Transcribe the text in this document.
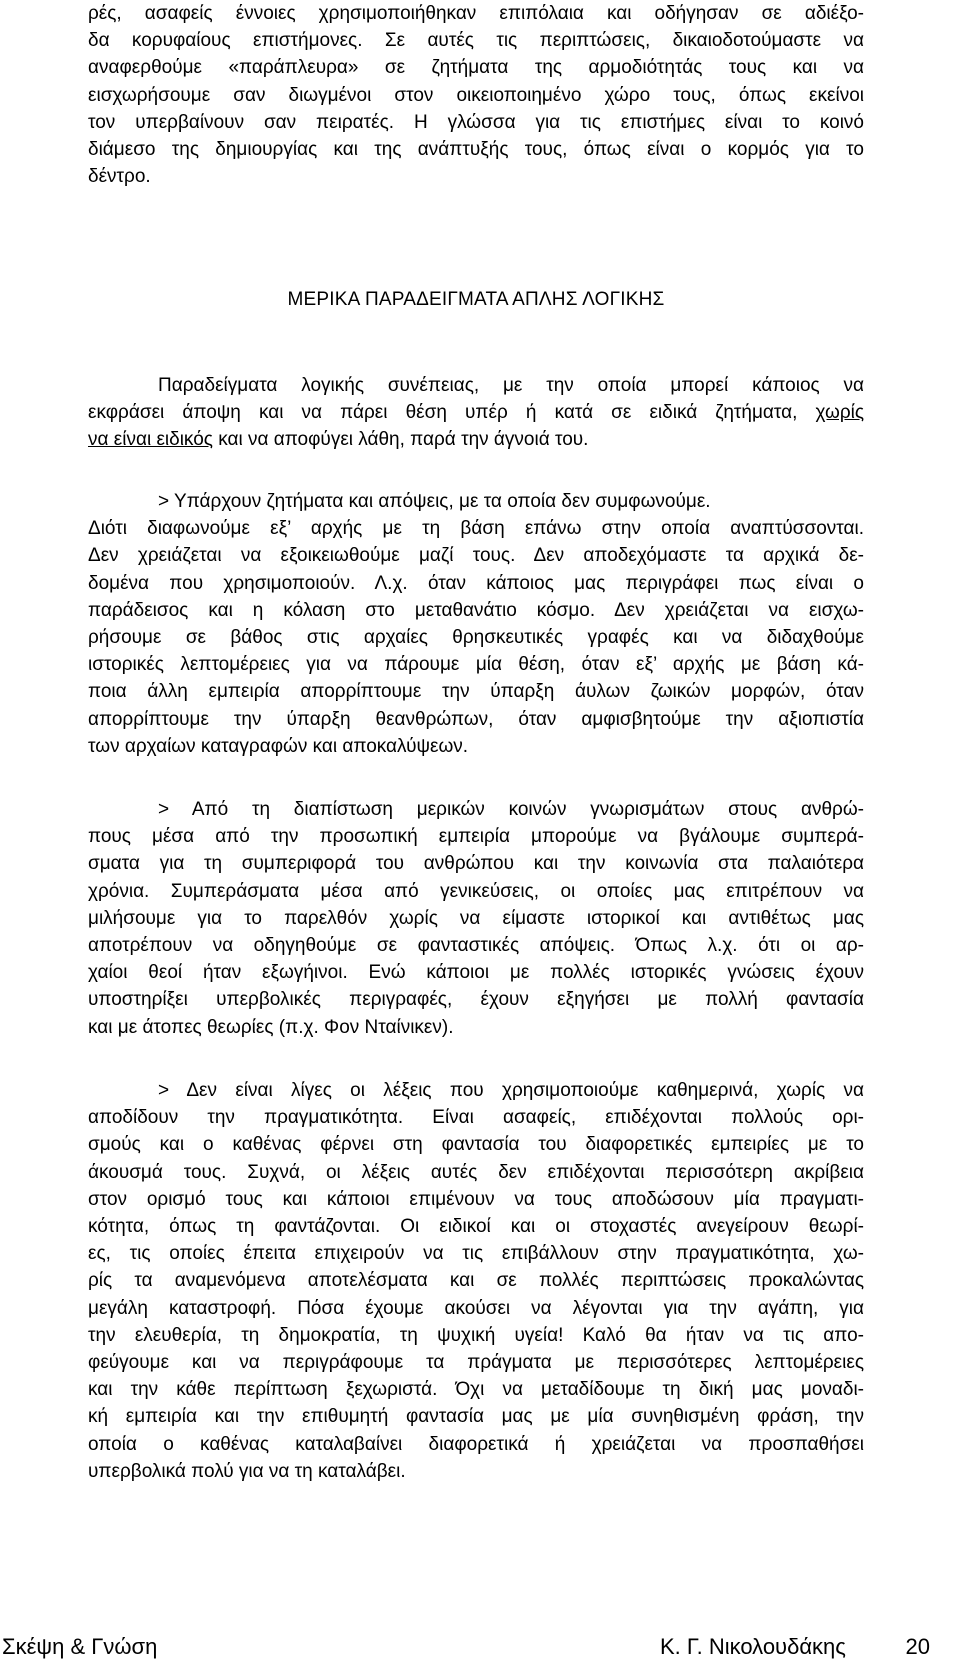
ρές, ασαφείς έννοιες χρησιμοποιήθηκαν επιπόλαια και οδήγησαν σε αδιέξο-
δα κορυφαίους επιστήμονες. Σε αυτές τις περιπτώσεις, δικαιοδοτούμαστε να
αναφερθούμε «παράπλευρα» σε ζητήματα της αρμοδιότητάς τους και να
εισχωρήσουμε σαν διωγμένοι στον οικειοποιημένο χώρο τους, όπως εκείνοι
τον υπερβαίνουν σαν πειρατές. Η γλώσσα για τις επιστήμες είναι το κοινό
διάμεσο της δημιουργίας και της ανάπτυξής τους, όπως είναι ο κορμός για το
δέντρο.
ΜΕΡΙΚΑ ΠΑΡΑΔΕΙΓΜΑΤΑ ΑΠΛΗΣ ΛΟΓΙΚΗΣ
Παραδείγματα λογικής συνέπειας, με την οποία μπορεί κάποιος να
εκφράσει άποψη και να πάρει θέση υπέρ ή κατά σε ειδικά ζητήματα, χωρίς
να είναι ειδικός και να αποφύγει λάθη, παρά την άγνοιά του.
> Υπάρχουν ζητήματα και απόψεις, με τα οποία δεν συμφωνούμε.
Διότι διαφωνούμε εξ’ αρχής με τη βάση επάνω στην οποία αναπτύσσονται.
Δεν χρειάζεται να εξοικειωθούμε μαζί τους. Δεν αποδεχόμαστε τα αρχικά δε-
δομένα που χρησιμοποιούν. Λ.χ. όταν κάποιος μας περιγράφει πως είναι ο
παράδεισος και η κόλαση στο μεταθανάτιο κόσμο. Δεν χρειάζεται να εισχω-
ρήσουμε σε βάθος στις αρχαίες θρησκευτικές γραφές και να διδαχθούμε
ιστορικές λεπτομέρειες για να πάρουμε μία θέση, όταν εξ’ αρχής με βάση κά-
ποια άλλη εμπειρία απορρίπτουμε την ύπαρξη άυλων ζωικών μορφών, όταν
απορρίπτουμε την ύπαρξη θεανθρώπων, όταν αμφισβητούμε την αξιοπιστία
των αρχαίων καταγραφών και αποκαλύψεων.
> Από τη διαπίστωση μερικών κοινών γνωρισμάτων στους ανθρώ-
πους μέσα από την προσωπική εμπειρία μπορούμε να βγάλουμε συμπερά-
σματα για τη συμπεριφορά του ανθρώπου και την κοινωνία στα παλαιότερα
χρόνια. Συμπεράσματα μέσα από γενικεύσεις, οι οποίες μας επιτρέπουν να
μιλήσουμε για το παρελθόν χωρίς να είμαστε ιστορικοί και αντιθέτως μας
αποτρέπουν να οδηγηθούμε σε φανταστικές απόψεις. Όπως λ.χ. ότι οι αρ-
χαίοι θεοί ήταν εξωγήινοι. Ενώ κάποιοι με πολλές ιστορικές γνώσεις έχουν
υποστηρίξει υπερβολικές περιγραφές, έχουν εξηγήσει με πολλή φαντασία
και με άτοπες θεωρίες (π.χ. Φον Νταίνικεν).
> Δεν είναι λίγες οι λέξεις που χρησιμοποιούμε καθημερινά, χωρίς να
αποδίδουν την πραγματικότητα. Είναι ασαφείς, επιδέχονται πολλούς ορι-
σμούς και ο καθένας φέρνει στη φαντασία του διαφορετικές εμπειρίες με το
άκουσμά τους. Συχνά, οι λέξεις αυτές δεν επιδέχονται περισσότερη ακρίβεια
στον ορισμό τους και κάποιοι επιμένουν να τους αποδώσουν μία πραγματι-
κότητα, όπως τη φαντάζονται. Οι ειδικοί και οι στοχαστές ανεγείρουν θεωρί-
ες, τις οποίες έπειτα επιχειρούν να τις επιβάλλουν στην πραγματικότητα, χω-
ρίς τα αναμενόμενα αποτελέσματα και σε πολλές περιπτώσεις προκαλώντας
μεγάλη καταστροφή. Πόσα έχουμε ακούσει να λέγονται για την αγάπη, για
την ελευθερία, τη δημοκρατία, τη ψυχική υγεία! Καλό θα ήταν να τις απο-
φεύγουμε και να περιγράφουμε τα πράγματα με περισσότερες λεπτομέρειες
και την κάθε περίπτωση ξεχωριστά. Όχι να μεταδίδουμε τη δική μας μοναδι-
κή εμπειρία και την επιθυμητή φαντασία μας με μία συνηθισμένη φράση, την
οποία ο καθένας καταλαβαίνει διαφορετικά ή χρειάζεται να προσπαθήσει
υπερβολικά πολύ για να τη καταλάβει.
Σκέψη & Γνώση	Κ. Γ. Νικολουδάκης	20
